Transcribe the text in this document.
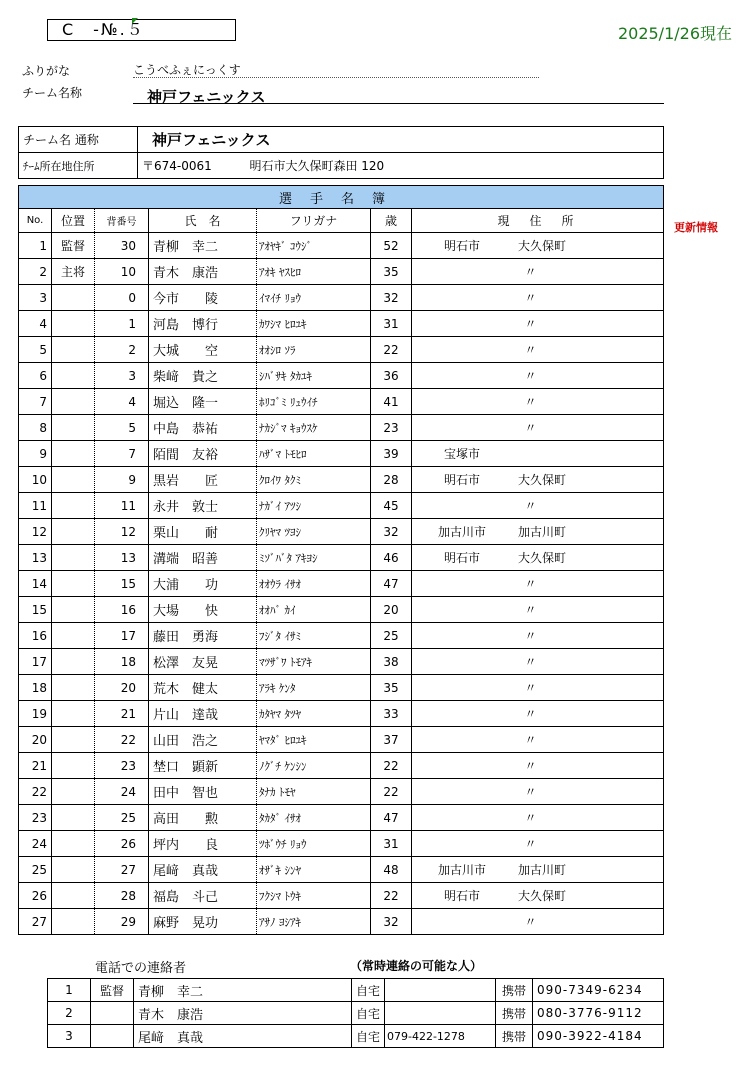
C　-№.５	2025/1/26現在
ふりがな	こうべふぇにっくす
チーム名称	神戸フェニックス
チーム名 通称	神戸フェニックス
ﾁｰﾑ所在地住所	〒674-0061 明石市大久保町森田 120
選手名簿						
No.	位置	背番号	氏　名	フリガナ	歳	現　住　所
1	監督	30	青柳　幸二	ｱｵﾔｷﾞ ｺｳｼﾞ	52	明石市 大久保町
2	主将	10	青木　康浩	ｱｵｷ ﾔｽﾋﾛ	35	〃
3		0	今市　　陵	ｲﾏｲﾁ ﾘｮｳ	32	〃
4		1	河島　博行	ｶﾜｼﾏ ﾋﾛﾕｷ	31	〃
5		2	大城　　空	ｵｵｼﾛ ｿﾗ	22	〃
6		3	柴﨑　貴之	ｼﾊﾞｻｷ ﾀｶﾕｷ	36	〃
7		4	堀込　隆一	ﾎﾘｺﾞﾐ ﾘｭｳｲﾁ	41	〃
8		5	中島　恭祐	ﾅｶｼﾞﾏ ｷｮｳｽｹ	23	〃
9		7	陌間　友裕	ﾊｻﾞﾏ ﾄﾓﾋﾛ	39	宝塚市
10		9	黒岩　　匠	ｸﾛｲﾜ ﾀｸﾐ	28	明石市 大久保町
11		11	永井　敦士	ﾅｶﾞｲ ｱﾂｼ	45	〃
12		12	栗山　　耐	ｸﾘﾔﾏ ﾂﾖｼ	32	加古川市 加古川町
13		13	溝端　昭善	ﾐｿﾞﾊﾞﾀ ｱｷﾖｼ	46	明石市 大久保町
14		15	大浦　　功	ｵｵｳﾗ ｲｻｵ	47	〃
15		16	大場　　快	ｵｵﾊﾞ ｶｲ	20	〃
16		17	藤田　勇海	ﾌｼﾞﾀ ｲｻﾐ	25	〃
17		18	松澤　友晃	ﾏﾂｻﾞﾜ ﾄﾓｱｷ	38	〃
18		20	荒木　健太	ｱﾗｷ ｹﾝﾀ	35	〃
19		21	片山　達哉	ｶﾀﾔﾏ ﾀﾂﾔ	33	〃
20		22	山田　浩之	ﾔﾏﾀﾞ ﾋﾛﾕｷ	37	〃
21		23	埜口　顕新	ﾉｸﾞﾁ ｹﾝｼﾝ	22	〃
22		24	田中　智也	ﾀﾅｶ ﾄﾓﾔ	22	〃
23		25	高田　　勲	ﾀｶﾀﾞ ｲｻｵ	47	〃
24		26	坪内　　良	ﾂﾎﾞｳﾁ ﾘｮｳ	31	〃
25		27	尾﨑　真哉	ｵｻﾞｷ ｼﾝﾔ	48	加古川市 加古川町
26		28	福島　斗己	ﾌｸｼﾏ ﾄｳｷ	22	明石市 大久保町
27		29	麻野　晃功	ｱｻﾉ ﾖｼｱｷ	32	〃
更新情報
電話での連絡者	（常時連絡の可能な人）
1	監督	青柳　幸二	自宅		携帯	090-7349-6234
2		青木　康浩	自宅		携帯	080-3776-9112
3		尾﨑　真哉	自宅	079-422-1278	携帯	090-3922-4184
